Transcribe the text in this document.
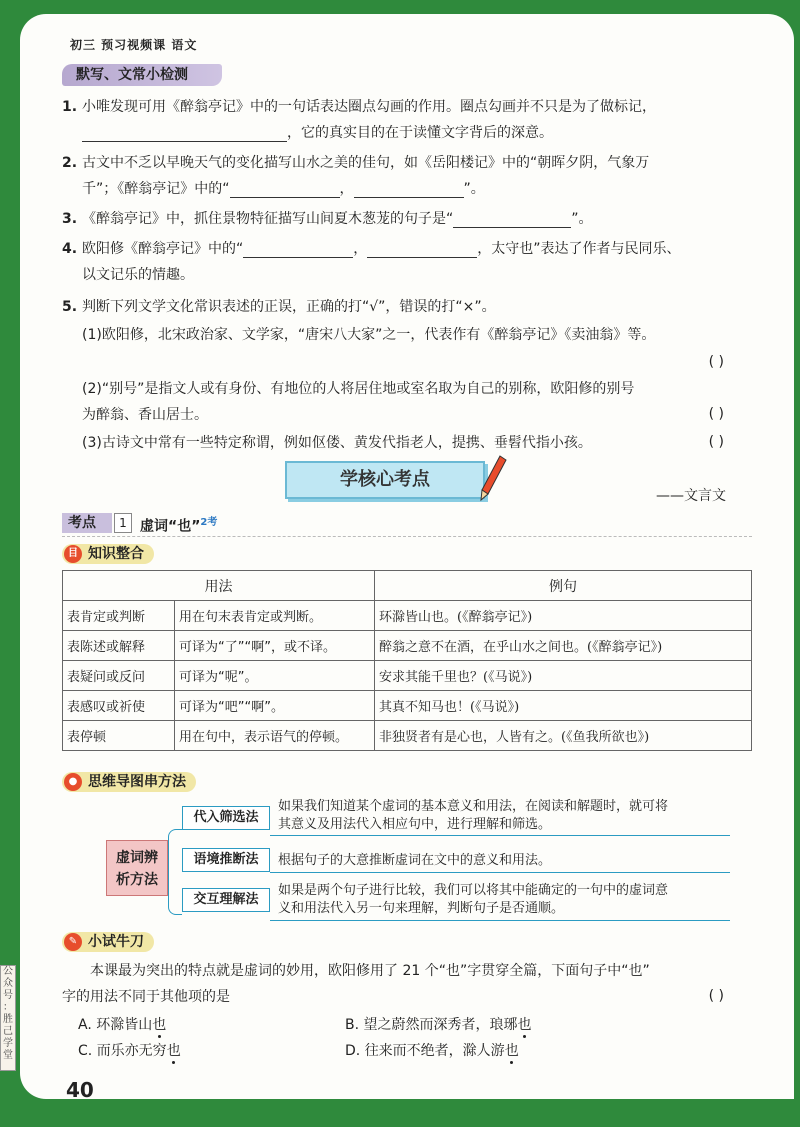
初三 预习视频课 语文
默写、文常小检测
1. 小唯发现可用《醉翁亭记》中的一句话表达圈点勾画的作用。圈点勾画并不只是为了做标记，
，它的真实目的在于读懂文字背后的深意。
2. 古文中不乏以早晚天气的变化描写山水之美的佳句，如《岳阳楼记》中的“朝晖夕阴，气象万
千”；《醉翁亭记》中的“	，	”。
3. 《醉翁亭记》中，抓住景物特征描写山间夏木葱茏的句子是“	”。
4. 欧阳修《醉翁亭记》中的“	，	，太守也”表达了作者与民同乐、
以文记乐的情趣。
5. 判断下列文学文化常识表述的正误，正确的打“√”，错误的打“×”。
(1)欧阳修，北宋政治家、文学家，“唐宋八大家”之一，代表作有《醉翁亭记》《卖油翁》等。
( )
(2)“别号”是指文人或有身份、有地位的人将居住地或室名取为自己的别称，欧阳修的别号
为醉翁、香山居士。	( )
(3)古诗文中常有一些特定称谓，例如伛偻、黄发代指老人，提携、垂髫代指小孩。	( )
学核心考点
——文言文
考点	1 虚词“也”$^{2考}$
目 知识整合
用法		例句
表肯定或判断	用在句末表肯定或判断。	环滁皆山也。(《醉翁亭记》)
表陈述或解释	可译为“了”“啊”，或不译。	醉翁之意不在酒，在乎山水之间也。(《醉翁亭记》)
表疑问或反问	可译为“呢”。	安求其能千里也？(《马说》)
表感叹或祈使	可译为“吧”“啊”。	其真不知马也！(《马说》)
表停顿	用在句中，表示语气的停顿。	非独贤者有是心也，人皆有之。(《鱼我所欲也》)
● 思维导图串方法
虚词辨
析方法
代入筛选法
如果我们知道某个虚词的基本意义和用法，在阅读和解题时，就可将
其意义及用法代入相应句中，进行理解和筛选。
语境推断法	根据句子的大意推断虚词在文中的意义和用法。
交互理解法
如果是两个句子进行比较，我们可以将其中能确定的一句中的虚词意
义和用法代入另一句来理解，判断句子是否通顺。
✎ 小试牛刀
本课最为突出的特点就是虚词的妙用，欧阳修用了 21 个“也”字贯穿全篇，下面句子中“也”
字的用法不同于其他项的是	( )
A. 环滁皆山也	B. 望之蔚然而深秀者，琅琊也
C. 而乐亦无穷也	D. 往来而不绝者，滁人游也
40
公
众
号
：
胜
己
学
堂
